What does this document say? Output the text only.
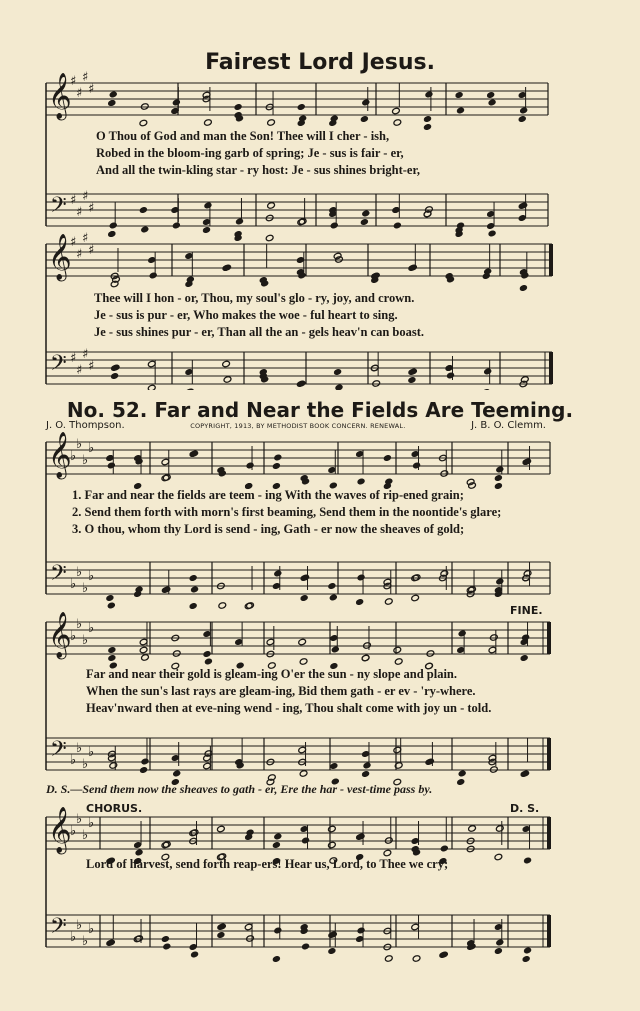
Fairest Lord Jesus.
𝄞
𝄢
♯
♯
♯
♯
♯
♯
♯
♯
𝄞
𝄢
♯
♯
♯
♯
♯
♯
♯
♯
O Thou of God and man the Son! Thee will I cher - ish,
Robed in the bloom-ing garb of spring; Je - sus is fair - er,
And all the twin-kling star - ry host: Je - sus shines bright-er,
Thee will I hon - or, Thou, my soul's glo - ry, joy, and crown.
Je - sus is pur - er, Who makes the woe - ful heart to sing.
Je - sus shines pur - er, Than all the an - gels heav'n can boast.
No. 52. Far and Near the Fields Are Teeming.
J. O. Thompson.	COPYRIGHT, 1913, BY METHODIST BOOK CONCERN. RENEWAL.	J. B. O. Clemm.
𝄞
𝄢
♭
♭
♭
♭
♭
♭
♭
♭
𝄞
𝄢
♭
♭
♭
♭
♭
♭
♭
♭
𝄞
𝄢
♭
♭
♭
♭
♭
♭
♭
♭
1. Far and near the fields are teem - ing With the waves of rip-ened grain;
2. Send them forth with morn's first beaming, Send them in the noontide's glare;
3. O thou, whom thy Lord is send - ing, Gath - er now the sheaves of gold;
Far and near their gold is gleam-ing O'er the sun - ny slope and plain.
When the sun's last rays are gleam-ing, Bid them gath - er ev - 'ry-where.
Heav'nward then at eve-ning wend - ing, Thou shalt come with joy un - told.
D. S.—Send them now the sheaves to gath - er, Ere the har - vest-time pass by.
FINE.
CHORUS.	D. S.
Lord of harvest, send forth reap-ers! Hear us, Lord, to Thee we cry;
